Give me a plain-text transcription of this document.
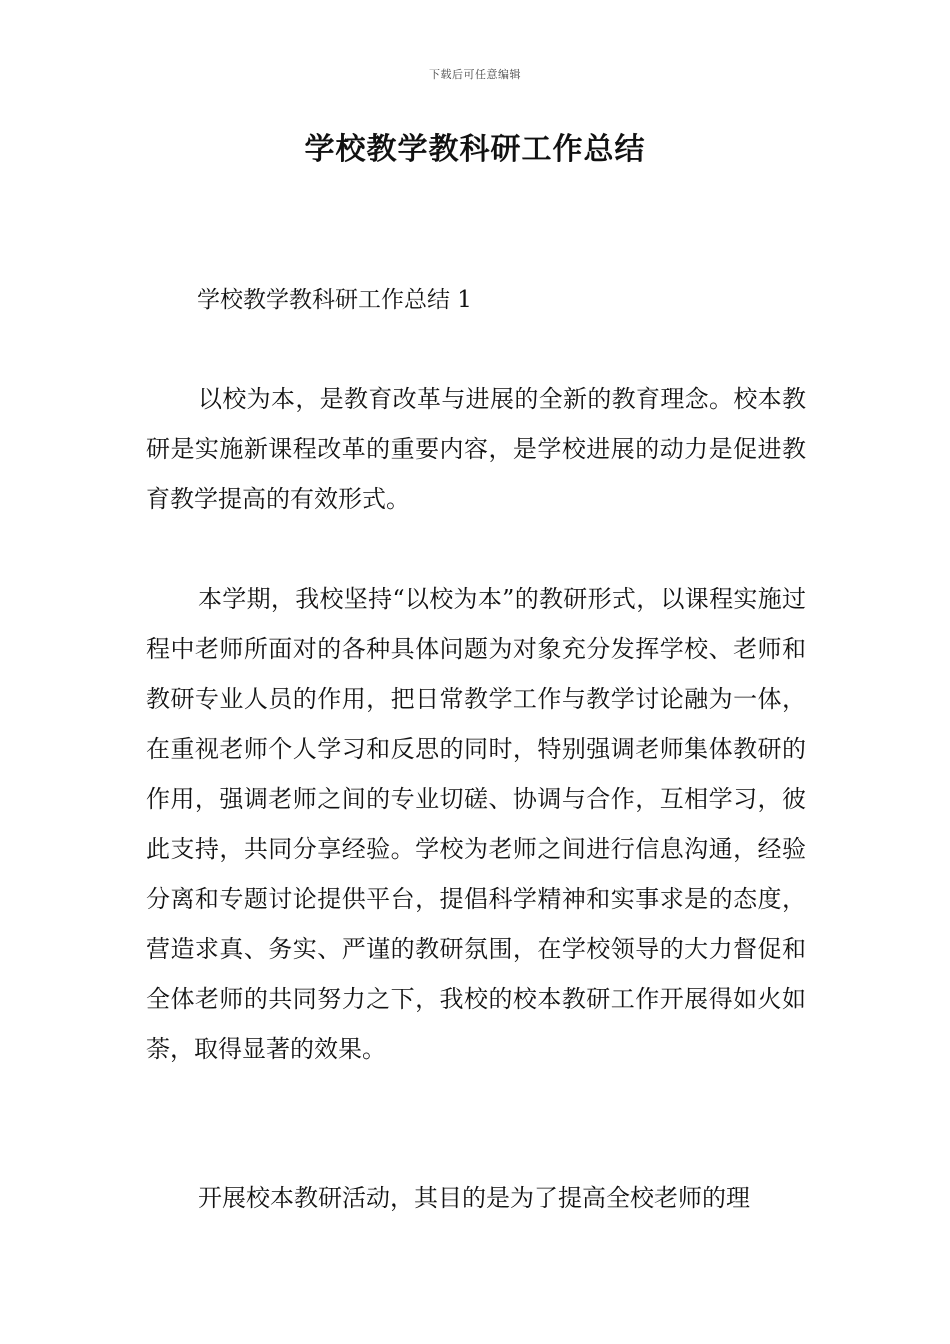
下载后可任意编辑
学校教学教科研工作总结

学校教学教科研工作总结 1

以校为本，是教育改革与进展的全新的教育理念。校本教研是实施新课程改革的重要内容，是学校进展的动力是促进教育教学提高的有效形式。

本学期，我校坚持“以校为本”的教研形式，以课程实施过程中老师所面对的各种具体问题为对象充分发挥学校、老师和教研专业人员的作用，把日常教学工作与教学讨论融为一体，在重视老师个人学习和反思的同时，特别强调老师集体教研的作用，强调老师之间的专业切磋、协调与合作，互相学习，彼此支持，共同分享经验。学校为老师之间进行信息沟通，经验分离和专题讨论提供平台，提倡科学精神和实事求是的态度，营造求真、务实、严谨的教研氛围，在学校领导的大力督促和全体老师的共同努力之下，我校的校本教研工作开展得如火如荼，取得显著的效果。

开展校本教研活动，其目的是为了提高全校老师的理
